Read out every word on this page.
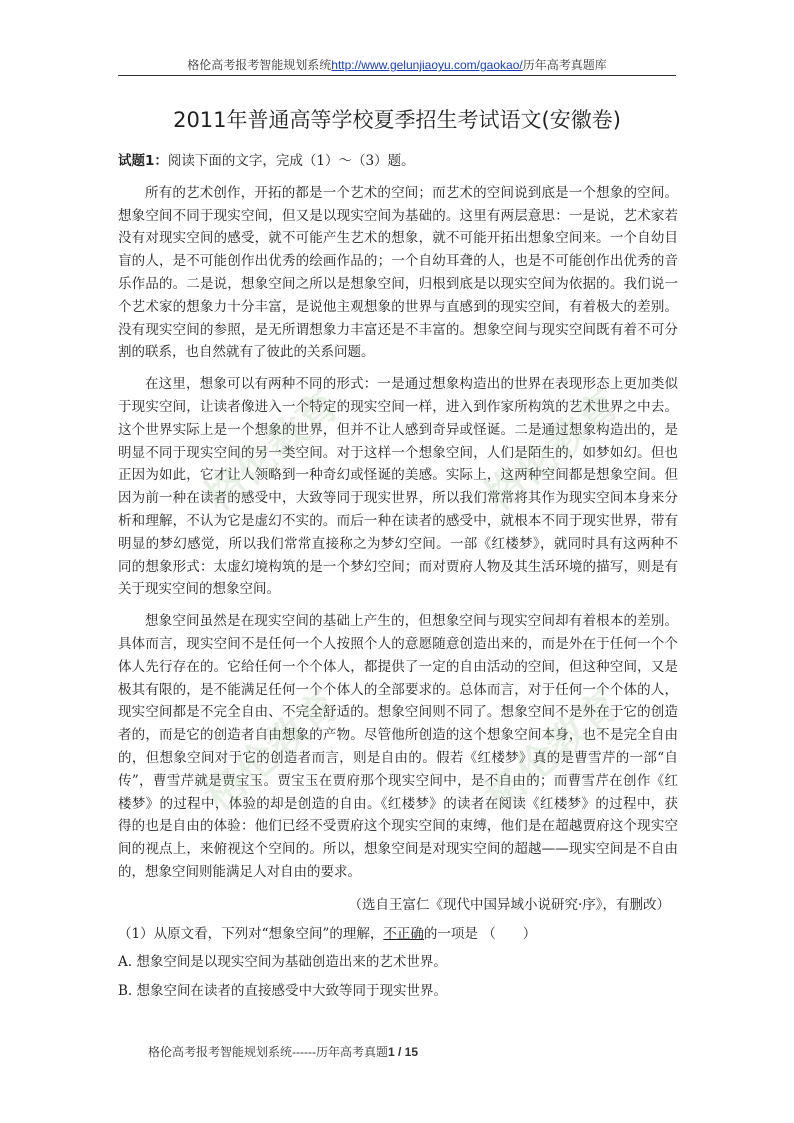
格伦高考报考智能规划系统http://www.gelunjiaoyu.com/gaokao/历年高考真题库
2011年普通高等学校夏季招生考试语文(安徽卷)

试题1：阅读下面的文字，完成（1）～（3）题。

所有的艺术创作，开拓的都是一个艺术的空间；而艺术的空间说到底是一个想象的空间。想象空间不同于现实空间，但又是以现实空间为基础的。这里有两层意思：一是说，艺术家若没有对现实空间的感受，就不可能产生艺术的想象，就不可能开拓出想象空间来。一个自幼目盲的人，是不可能创作出优秀的绘画作品的；一个自幼耳聋的人，也是不可能创作出优秀的音乐作品的。二是说，想象空间之所以是想象空间，归根到底是以现实空间为依据的。我们说一个艺术家的想象力十分丰富，是说他主观想象的世界与直感到的现实空间，有着极大的差别。没有现实空间的参照，是无所谓想象力丰富还是不丰富的。想象空间与现实空间既有着不可分割的联系，也自然就有了彼此的关系问题。

在这里，想象可以有两种不同的形式：一是通过想象构造出的世界在表现形态上更加类似于现实空间，让读者像进入一个特定的现实空间一样，进入到作家所构筑的艺术世界之中去。这个世界实际上是一个想象的世界，但并不让人感到奇异或怪诞。二是通过想象构造出的，是明显不同于现实空间的另一类空间。对于这样一个想象空间，人们是陌生的，如梦如幻。但也正因为如此，它才让人领略到一种奇幻或怪诞的美感。实际上，这两种空间都是想象空间。但因为前一种在读者的感受中，大致等同于现实世界，所以我们常常将其作为现实空间本身来分析和理解，不认为它是虚幻不实的。而后一种在读者的感受中，就根本不同于现实世界，带有明显的梦幻感觉，所以我们常常直接称之为梦幻空间。一部《红楼梦》，就同时具有这两种不同的想象形式：太虚幻境构筑的是一个梦幻空间；而对贾府人物及其生活环境的描写，则是有关于现实空间的想象空间。

想象空间虽然是在现实空间的基础上产生的，但想象空间与现实空间却有着根本的差别。具体而言，现实空间不是任何一个人按照个人的意愿随意创造出来的，而是外在于任何一个个体人先行存在的。它给任何一个个体人，都提供了一定的自由活动的空间，但这种空间，又是极其有限的，是不能满足任何一个个体人的全部要求的。总体而言，对于任何一个个体的人，现实空间都是不完全自由、不完全舒适的。想象空间则不同了。想象空间不是外在于它的创造者的，而是它的创造者自由想象的产物。尽管他所创造的这个想象空间本身，也不是完全自由的，但想象空间对于它的创造者而言，则是自由的。假若《红楼梦》真的是曹雪芹的一部“自传”，曹雪芹就是贾宝玉。贾宝玉在贾府那个现实空间中，是不自由的；而曹雪芹在创作《红楼梦》的过程中，体验的却是创造的自由。《红楼梦》的读者在阅读《红楼梦》的过程中，获得的也是自由的体验：他们已经不受贾府这个现实空间的束缚，他们是在超越贾府这个现实空间的视点上，来俯视这个空间的。所以，想象空间是对现实空间的超越——现实空间是不自由的，想象空间则能满足人对自由的要求。

（选自王富仁《现代中国异域小说研究·序》，有删改）

（1）从原文看，下列对“想象空间”的理解，不正确的一项是 （　　）

A. 想象空间是以现实空间为基础创造出来的艺术世界。

B. 想象空间在读者的直接感受中大致等同于现实世界。

格伦高考报考智能规划系统------历年高考真题1 / 15
格伦教育	格伦教育
格伦教育	格伦教育
